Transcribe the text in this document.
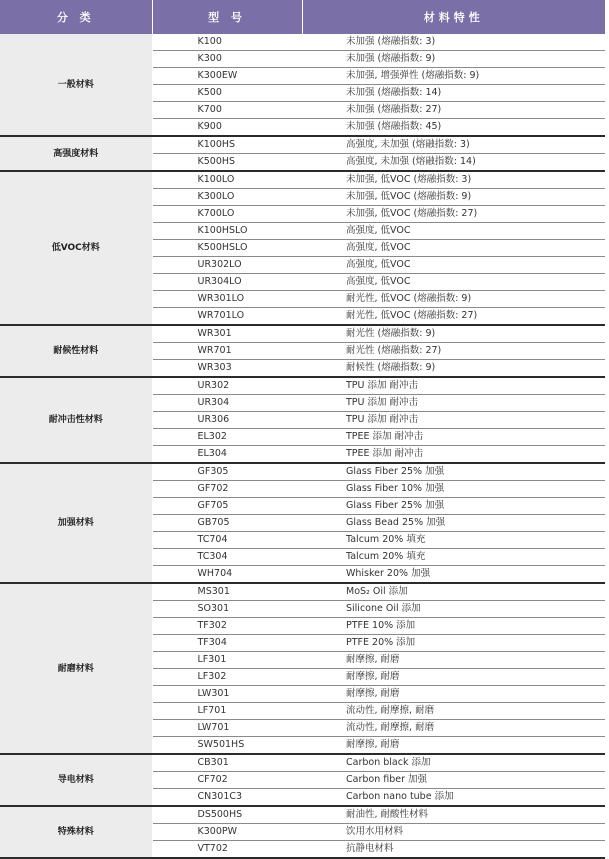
分 类	型 号	材料特性
一般材料	K100	未加强 (熔融指数: 3)
	K300	未加强 (熔融指数: 9)
	K300EW	未加强, 增强弹性 (熔融指数: 9)
	K500	未加强 (熔融指数: 14)
	K700	未加强 (熔融指数: 27)
	K900	未加强 (熔融指数: 45)
高强度材料	K100HS	高强度, 未加强 (熔融指数: 3)
	K500HS	高强度, 未加强 (熔融指数: 14)
低VOC材料	K100LO	未加强, 低VOC (熔融指数: 3)
	K300LO	未加强, 低VOC (熔融指数: 9)
	K700LO	未加强, 低VOC (熔融指数: 27)
	K100HSLO	高强度, 低VOC
	K500HSLO	高强度, 低VOC
	UR302LO	高强度, 低VOC
	UR304LO	高强度, 低VOC
	WR301LO	耐光性, 低VOC (熔融指数: 9)
	WR701LO	耐光性, 低VOC (熔融指数: 27)
耐候性材料	WR301	耐光性 (熔融指数: 9)
	WR701	耐光性 (熔融指数: 27)
	WR303	耐候性 (熔融指数: 9)
耐冲击性材料	UR302	TPU 添加 耐冲击
	UR304	TPU 添加 耐冲击
	UR306	TPU 添加 耐冲击
	EL302	TPEE 添加 耐冲击
	EL304	TPEE 添加 耐冲击
加强材料	GF305	Glass Fiber 25% 加强
	GF702	Glass Fiber 10% 加强
	GF705	Glass Fiber 25% 加强
	GB705	Glass Bead 25% 加强
	TC704	Talcum 20% 填充
	TC304	Talcum 20% 填充
	WH704	Whisker 20% 加强
耐磨材料	MS301	MoS₂ Oil 添加
	SO301	Silicone Oil 添加
	TF302	PTFE 10% 添加
	TF304	PTFE 20% 添加
	LF301	耐摩擦, 耐磨
	LF302	耐摩擦, 耐磨
	LW301	耐摩擦, 耐磨
	LF701	流动性, 耐摩擦, 耐磨
	LW701	流动性, 耐摩擦, 耐磨
	SW501HS	耐摩擦, 耐磨
导电材料	CB301	Carbon black 添加
	CF702	Carbon fiber 加强
	CN301C3	Carbon nano tube 添加
特殊材料	DS500HS	耐油性, 耐酸性材料
	K300PW	饮用水用材料
	VT702	抗静电材料
